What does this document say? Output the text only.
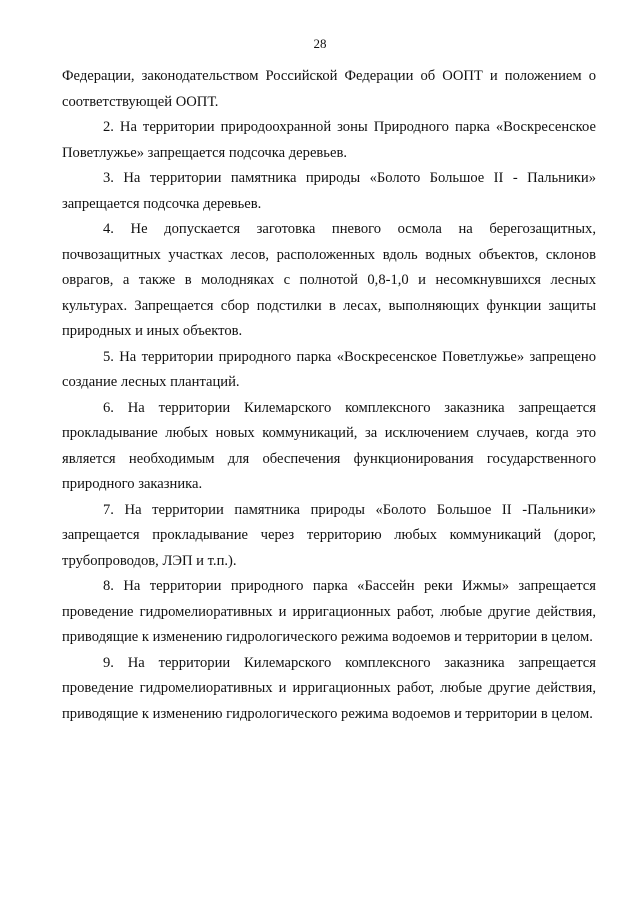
28

Федерации, законодательством Российской Федерации об ООПТ и положением о соответствующей ООПТ.

2. На территории природоохранной зоны Природного парка «Воскресенское Поветлужье» запрещается подсочка деревьев.

3. На территории памятника природы «Болото Большое II - Пальники» запрещается подсочка деревьев.

4. Не допускается заготовка пневого осмола на берегозащитных, почвозащитных участках лесов, расположенных вдоль водных объектов, склонов оврагов, а также в молодняках с полнотой 0,8-1,0 и несомкнувшихся лесных культурах. Запрещается сбор подстилки в лесах, выполняющих функции защиты природных и иных объектов.

5. На территории природного парка «Воскресенское Поветлужье» запрещено создание лесных плантаций.

6. На территории Килемарского комплексного заказника запрещается прокладывание любых новых коммуникаций, за исключением случаев, когда это является необходимым для обеспечения функционирования государственного природного заказника.

7. На территории памятника природы «Болото Большое II -Пальники» запрещается прокладывание через территорию любых коммуникаций (дорог, трубопроводов, ЛЭП и т.п.).

8. На территории природного парка «Бассейн реки Ижмы» запрещается проведение гидромелиоративных и ирригационных работ, любые другие действия, приводящие к изменению гидрологического режима водоемов и территории в целом.

9. На территории Килемарского комплексного заказника запрещается проведение гидромелиоративных и ирригационных работ, любые другие действия, приводящие к изменению гидрологического режима водоемов и территории в целом.
